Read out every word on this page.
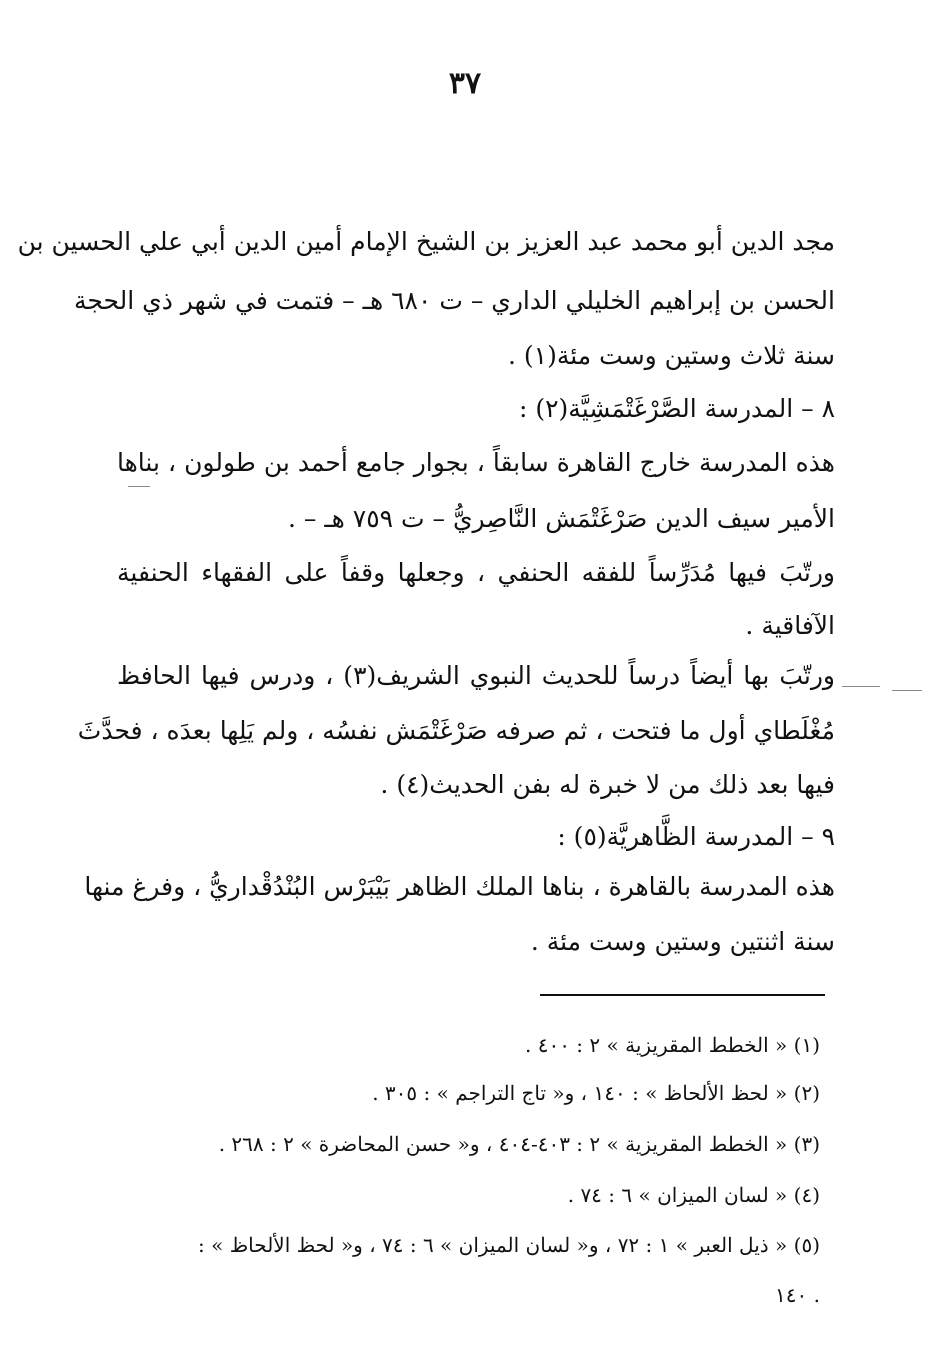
٣٧
مجد الدين أبو محمد عبد العزيز بن الشيخ الإمام أمين الدين أبي علي الحسين بن
الحسن بن إبراهيم الخليلي الداري – ت ٦٨٠ هـ – فتمت في شهر ذي الحجة
سنة ثلاث وستين وست مئة(١) .
٨ – المدرسة الصَّرْغَتْمَشِيَّة(٢) :
هذه المدرسة خارج القاهرة سابقاً ، بجوار جامع أحمد بن طولون ، بناها
الأمير سيف الدين صَرْغَتْمَش النَّاصِريُّ – ت ٧٥٩ هـ – .
ورتّبَ فيها مُدَرِّساً للفقه الحنفي ، وجعلها وقفاً على الفقهاء الحنفية
الآفاقية .
ورتّبَ بها أيضاً درساً للحديث النبوي الشريف(٣) ، ودرس فيها الحافظ
مُغْلَطاي أول ما فتحت ، ثم صرفه صَرْغَتْمَش نفسُه ، ولم يَلِها بعدَه ، فحدَّثَ
فيها بعد ذلك من لا خبرة له بفن الحديث(٤) .
٩ – المدرسة الظَّاهريَّة(٥) :
هذه المدرسة بالقاهرة ، بناها الملك الظاهر بَيْبَرْس البُنْدُقْداريُّ ، وفرغ منها
سنة اثنتين وستين وست مئة .
(١) « الخطط المقريزية » ٢ : ٤٠٠ .
(٢) « لحظ الألحاظ » : ١٤٠ ، و« تاج التراجم » : ٣٠٥ .
(٣) « الخطط المقريزية » ٢ : ٤٠٣-٤٠٤ ، و« حسن المحاضرة » ٢ : ٢٦٨ .
(٤) « لسان الميزان » ٦ : ٧٤ .
(٥) « ذيل العبر » ١ : ٧٢ ، و« لسان الميزان » ٦ : ٧٤ ، و« لحظ الألحاظ » :
. ١٤٠
